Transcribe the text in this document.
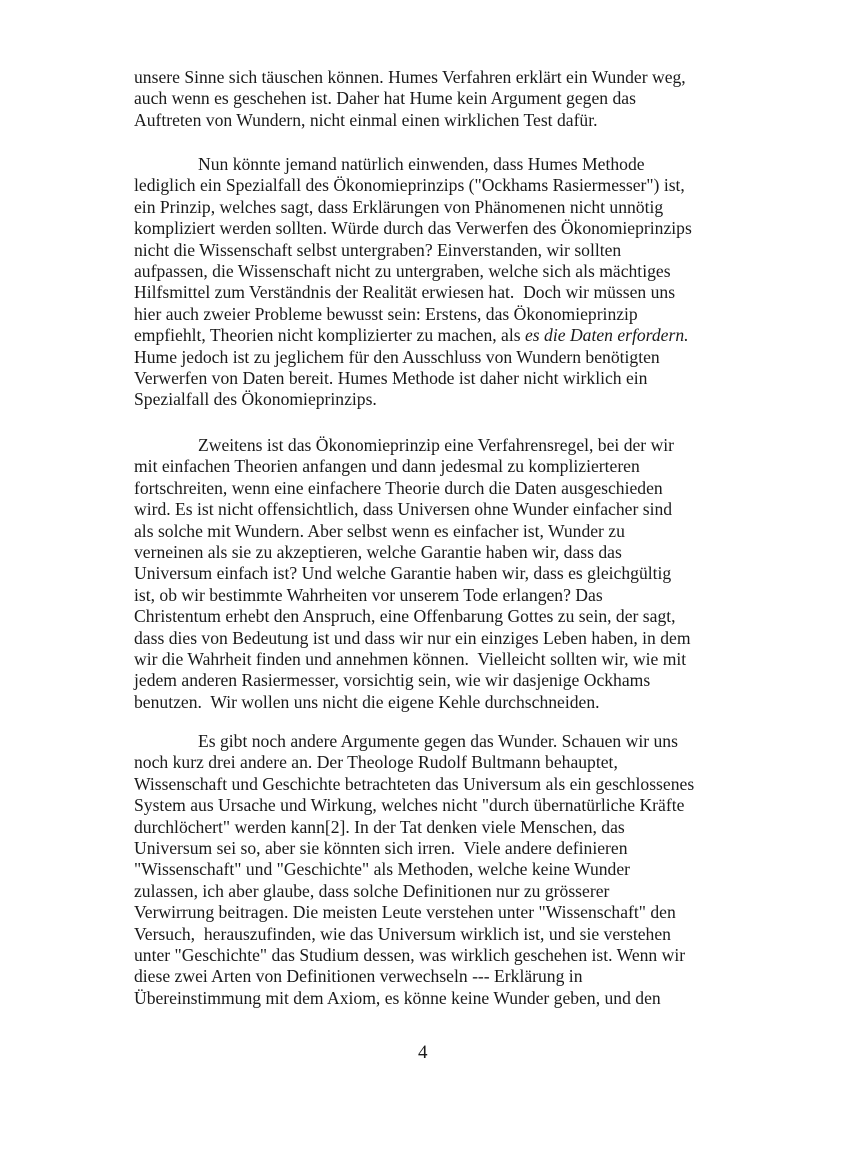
unsere Sinne sich täuschen können. Humes Verfahren erklärt ein Wunder weg,
auch wenn es geschehen ist. Daher hat Hume kein Argument gegen das
Auftreten von Wundern, nicht einmal einen wirklichen Test dafür.
Nun könnte jemand natürlich einwenden, dass Humes Methode
lediglich ein Spezialfall des Ökonomieprinzips ("Ockhams Rasiermesser") ist,
ein Prinzip, welches sagt, dass Erklärungen von Phänomenen nicht unnötig
kompliziert werden sollten. Würde durch das Verwerfen des Ökonomieprinzips
nicht die Wissenschaft selbst untergraben? Einverstanden, wir sollten
aufpassen, die Wissenschaft nicht zu untergraben, welche sich als mächtiges
Hilfsmittel zum Verständnis der Realität erwiesen hat.  Doch wir müssen uns
hier auch zweier Probleme bewusst sein: Erstens, das Ökonomieprinzip
empfiehlt, Theorien nicht komplizierter zu machen, als es die Daten erfordern.
Hume jedoch ist zu jeglichem für den Ausschluss von Wundern benötigten
Verwerfen von Daten bereit. Humes Methode ist daher nicht wirklich ein
Spezialfall des Ökonomieprinzips.
Zweitens ist das Ökonomieprinzip eine Verfahrensregel, bei der wir
mit einfachen Theorien anfangen und dann jedesmal zu komplizierteren
fortschreiten, wenn eine einfachere Theorie durch die Daten ausgeschieden
wird. Es ist nicht offensichtlich, dass Universen ohne Wunder einfacher sind
als solche mit Wundern. Aber selbst wenn es einfacher ist, Wunder zu
verneinen als sie zu akzeptieren, welche Garantie haben wir, dass das
Universum einfach ist? Und welche Garantie haben wir, dass es gleichgültig
ist, ob wir bestimmte Wahrheiten vor unserem Tode erlangen? Das
Christentum erhebt den Anspruch, eine Offenbarung Gottes zu sein, der sagt,
dass dies von Bedeutung ist und dass wir nur ein einziges Leben haben, in dem
wir die Wahrheit finden und annehmen können.  Vielleicht sollten wir, wie mit
jedem anderen Rasiermesser, vorsichtig sein, wie wir dasjenige Ockhams
benutzen.  Wir wollen uns nicht die eigene Kehle durchschneiden.
Es gibt noch andere Argumente gegen das Wunder. Schauen wir uns
noch kurz drei andere an. Der Theologe Rudolf Bultmann behauptet,
Wissenschaft und Geschichte betrachteten das Universum als ein geschlossenes
System aus Ursache und Wirkung, welches nicht "durch übernatürliche Kräfte
durchlöchert" werden kann[2]. In der Tat denken viele Menschen, das
Universum sei so, aber sie könnten sich irren.  Viele andere definieren
"Wissenschaft" und "Geschichte" als Methoden, welche keine Wunder
zulassen, ich aber glaube, dass solche Definitionen nur zu grösserer
Verwirrung beitragen. Die meisten Leute verstehen unter "Wissenschaft" den
Versuch,  herauszufinden, wie das Universum wirklich ist, und sie verstehen
unter "Geschichte" das Studium dessen, was wirklich geschehen ist. Wenn wir
diese zwei Arten von Definitionen verwechseln --- Erklärung in
Übereinstimmung mit dem Axiom, es könne keine Wunder geben, und den
4
